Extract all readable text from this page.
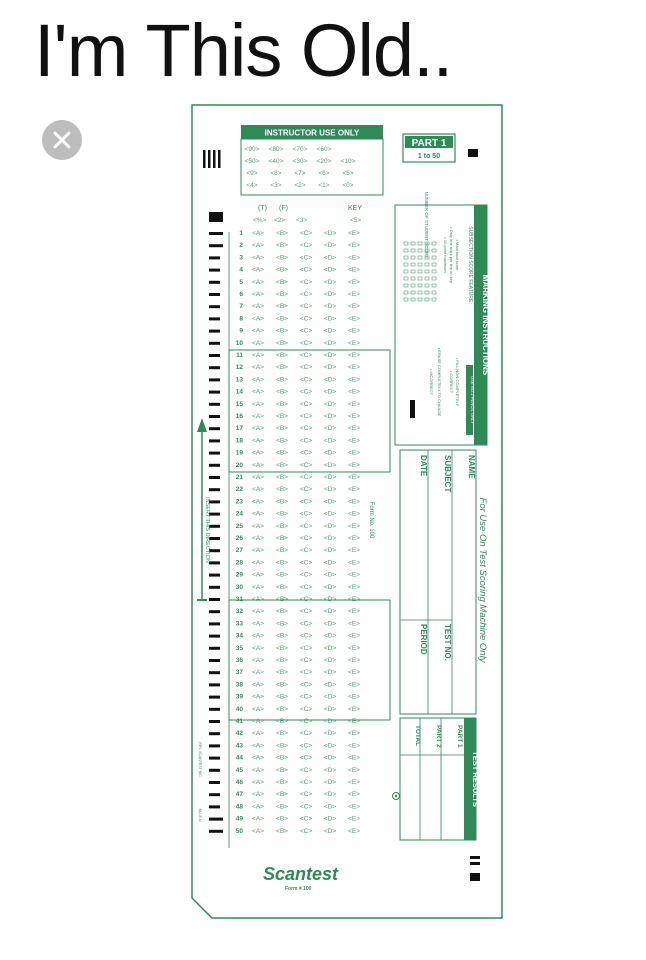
I'm This Old..
INSTRUCTOR USE ONLY
<90> <80> <70> <60>
<50> <40> <30> <20> <10>
<9> <8> <7> <6> <5>
<4> <3> <2> <1> <0>
PART 1
1 to 50
(T) (F)	KEY
<%> <2> <3>	<5>
1 <A> <B> <C> <D> <E>
2 <A> <B> <C> <D> <E>
3 <A> <B> <C> <D> <E>
4 <A> <B> <C> <D> <E>
5 <A> <B> <C> <D> <E>
6 <A> <B> <C> <D> <E>
7 <A> <B> <C> <D> <E>
8 <A> <B> <C> <D> <E>
9 <A> <B> <C> <D> <E>
10 <A> <B> <C> <D> <E>
11 <A> <B> <C> <D> <E>
12 <A> <B> <C> <D> <E>
13 <A> <B> <C> <D> <E>
14 <A> <B> <C> <D> <E>
15 <A> <B> <C> <D> <E>
16 <A> <B> <C> <D> <E>
17 <A> <B> <C> <D> <E>
18 <A> <B> <C> <D> <E>
19 <A> <B> <C> <D> <E>
20 <A> <B> <C> <D> <E>
21 <A> <B> <C> <D> <E>
22 <A> <B> <C> <D> <E>
23 <A> <B> <C> <D> <E>
24 <A> <B> <C> <D> <E>
25 <A> <B> <C> <D> <E>
26 <A> <B> <C> <D> <E>
27 <A> <B> <C> <D> <E>
28 <A> <B> <C> <D> <E>
29 <A> <B> <C> <D> <E>
30 <A> <B> <C> <D> <E>
31 <A> <B> <C> <D> <E>
32 <A> <B> <C> <D> <E>
33 <A> <B> <C> <D> <E>
34 <A> <B> <C> <D> <E>
35 <A> <B> <C> <D> <E>
36 <A> <B> <C> <D> <E>
37 <A> <B> <C> <D> <E>
38 <A> <B> <C> <D> <E>
39 <A> <B> <C> <D> <E>
40 <A> <B> <C> <D> <E>
41 <A> <B> <C> <D> <E>
42 <A> <B> <C> <D> <E>
43 <A> <B> <C> <D> <E>
44 <A> <B> <C> <D> <E>
45 <A> <B> <C> <D> <E>
46 <A> <B> <C> <D> <E>
47 <A> <B> <C> <D> <E>
48 <A> <B> <C> <D> <E>
49 <A> <B> <C> <D> <E>
50 <A> <B> <C> <D> <E>
INSERT THIS DIRECTION
MARKING INSTRUCTIONS
SUBSECTION SCORE FEATURE:
• Mark total score
• Only one mark per line on key
• 10 point maximum
NUMBER OF STUDENT SCORE
USE NO.2 PENCIL ONLY
• FILL NON-COMPLETELY
• CORRECT
• ERASE COMPLETELY TO CHANGE
• INCORRECT
NAME
SUBJECT
TEST NO.
DATE
PERIOD	For Use On Test Scoring Machine Only
Form No. 100
TEST RESULTS
PART 1
PART 2
TOTAL
Scantest
Form # 100
REV. SCANTEST INC.
882-E-N
